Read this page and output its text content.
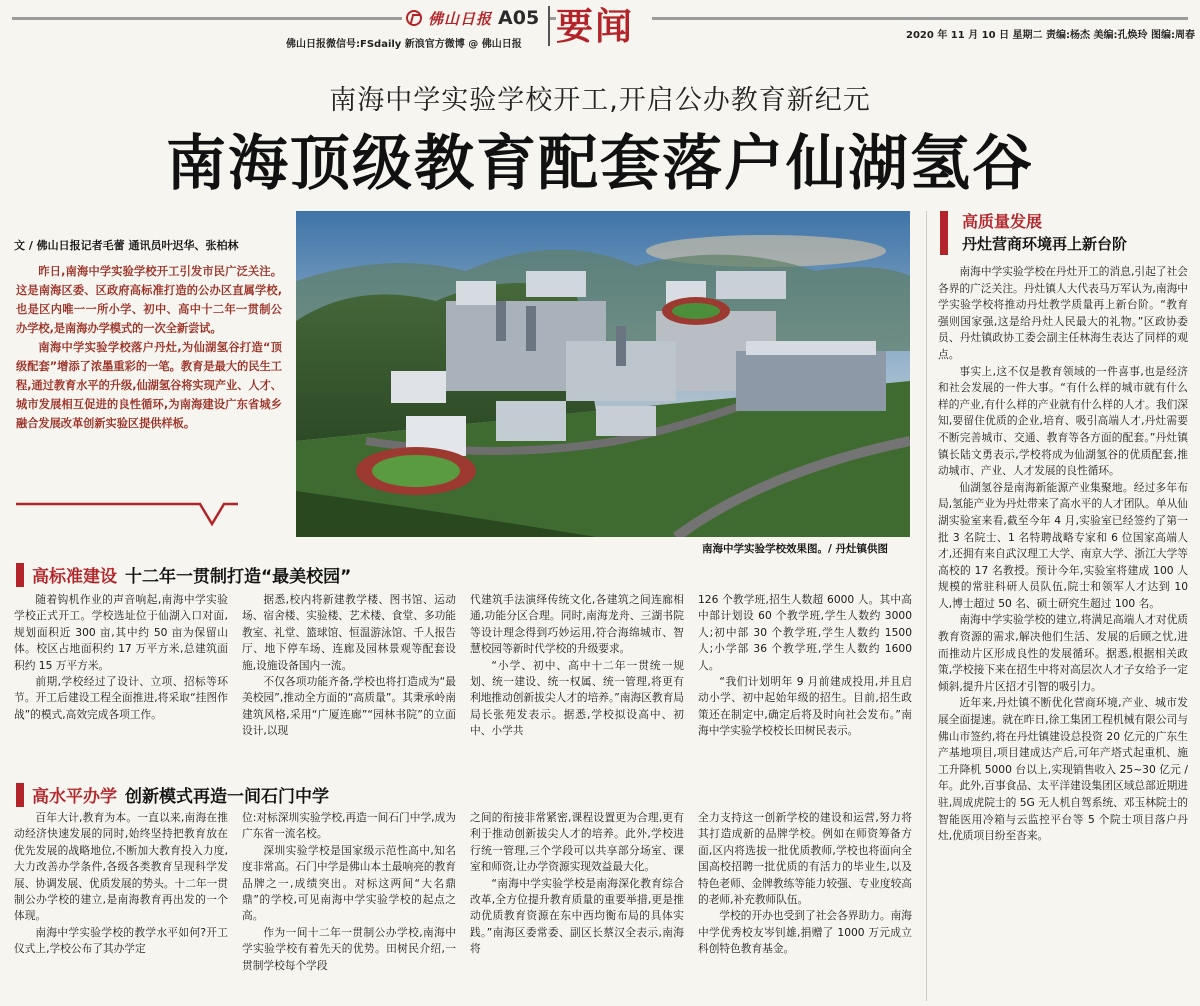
佛山日报 A05 要闻
佛山日报微信号:FSdaily 新浪官方微博 @ 佛山日报
2020 年 11 月 10 日 星期二 责编:杨杰 美编:孔焕玲 图编:周春
南海中学实验学校开工,开启公办教育新纪元
南海顶级教育配套落户仙湖氢谷
文 / 佛山日报记者毛蕾 通讯员叶迟华、张柏林

昨日,南海中学实验学校开工引发市民广泛关注。这是南海区委、区政府高标准打造的公办区直属学校,也是区内唯一一所小学、初中、高中十二年一贯制公办学校,是南海办学模式的一次全新尝试。

南海中学实验学校落户丹灶,为仙湖氢谷打造“顶级配套”增添了浓墨重彩的一笔。教育是最大的民生工程,通过教育水平的升级,仙湖氢谷将实现产业、人才、城市发展相互促进的良性循环,为南海建设广东省城乡融合发展改革创新实验区提供样板。

南海中学实验学校效果图。/ 丹灶镇供图
高标准建设 十二年一贯制打造“最美校园”

随着钩机作业的声音响起,南海中学实验学校正式开工。学校选址位于仙湖入口对面,规划面积近 300 亩,其中约 50 亩为保留山体。校区占地面积约 17 万平方米,总建筑面积约 15 万平方米。

前期,学校经过了设计、立项、招标等环节。开工后建设工程全面推进,将采取“挂图作战”的模式,高效完成各项工作。

据悉,校内将新建教学楼、图书馆、运动场、宿舍楼、实验楼、艺术楼、食堂、多功能教室、礼堂、篮球馆、恒温游泳馆、千人报告厅、地下停车场、连廊及园林景观等配套设施,设施设备国内一流。

不仅各项功能齐备,学校也将打造成为“最美校园”,推动全方面的“高质量”。其秉承岭南建筑风格,采用“广厦连廊”“园林书院”的立面设计,以现

代建筑手法演绎传统文化,各建筑之间连廊相通,功能分区合理。同时,南海龙舟、三湖书院等设计理念得到巧妙运用,符合海绵城市、智慧校园等新时代学校的升级要求。

“小学、初中、高中十二年一贯统一规划、统一建设、统一权属、统一管理,将更有利地推动创新拔尖人才的培养。”南海区教育局局长张苑发表示。据悉,学校拟设高中、初中、小学共

126 个教学班,招生人数超 6000 人。其中高中部计划设 60 个教学班,学生人数约 3000 人;初中部 30 个教学班,学生人数约 1500 人;小学部 36 个教学班,学生人数约 1600 人。

“我们计划明年 9 月前建成投用,并且启动小学、初中起始年级的招生。目前,招生政策还在制定中,确定后将及时向社会发布。”南海中学实验学校校长田树民表示。

高水平办学 创新模式再造一间石门中学

百年大计,教育为本。一直以来,南海在推动经济快速发展的同时,始终坚持把教育放在优先发展的战略地位,不断加大教育投入力度,大力改善办学条件,各级各类教育呈现科学发展、协调发展、优质发展的势头。十二年一贯制公办学校的建立,是南海教育再出发的一个体现。

南海中学实验学校的教学水平如何?开工仪式上,学校公布了其办学定

位:对标深圳实验学校,再造一间石门中学,成为广东省一流名校。

深圳实验学校是国家级示范性高中,知名度非常高。石门中学是佛山本土最响亮的教育品牌之一,成绩突出。对标这两间“大名鼎鼎”的学校,可见南海中学实验学校的起点之高。

作为一间十二年一贯制公办学校,南海中学实验学校有着先天的优势。田树民介绍,一贯制学校每个学段

之间的衔接非常紧密,课程设置更为合理,更有利于推动创新拔尖人才的培养。此外,学校进行统一管理,三个学段可以共享部分场室、课室和师资,让办学资源实现效益最大化。

“南海中学实验学校是南海深化教育综合改革,全方位提升教育质量的重要举措,更是推动优质教育资源在东中西均衡布局的具体实践。”南海区委常委、副区长蔡汉全表示,南海将

全力支持这一创新学校的建设和运营,努力将其打造成新的品牌学校。例如在师资筹备方面,区内将选拔一批优质教师,学校也将面向全国高校招聘一批优质的有活力的毕业生,以及特色老师、金牌教练等能力较强、专业度较高的老师,补充教师队伍。

学校的开办也受到了社会各界助力。南海中学优秀校友岑钊雄,捐赠了 1000 万元成立科创特色教育基金。

高质量发展
丹灶营商环境再上新台阶

南海中学实验学校在丹灶开工的消息,引起了社会各界的广泛关注。丹灶镇人大代表马万军认为,南海中学实验学校将推动丹灶教学质量再上新台阶。“教育强则国家强,这是给丹灶人民最大的礼物。”区政协委员、丹灶镇政协工委会副主任林海生表达了同样的观点。

事实上,这不仅是教育领域的一件喜事,也是经济和社会发展的一件大事。“有什么样的城市就有什么样的产业,有什么样的产业就有什么样的人才。我们深知,要留住优质的企业,培育、吸引高端人才,丹灶需要不断完善城市、交通、教育等各方面的配套。”丹灶镇镇长陆文勇表示,学校将成为仙湖氢谷的优质配套,推动城市、产业、人才发展的良性循环。

仙湖氢谷是南海新能源产业集聚地。经过多年布局,氢能产业为丹灶带来了高水平的人才团队。单从仙湖实验室来看,截至今年 4 月,实验室已经签约了第一批 3 名院士、1 名特聘战略专家和 6 位国家高端人才,还拥有来自武汉理工大学、南京大学、浙江大学等高校的 17 名教授。预计今年,实验室将建成 100 人规模的常驻科研人员队伍,院士和领军人才达到 10 人,博士超过 50 名、硕士研究生超过 100 名。

南海中学实验学校的建立,将满足高端人才对优质教育资源的需求,解决他们生活、发展的后顾之忧,进而推动片区形成良性的发展循环。据悉,根据相关政策,学校接下来在招生中将对高层次人才子女给予一定倾斜,提升片区招才引智的吸引力。

近年来,丹灶镇不断优化营商环境,产业、城市发展全面提速。就在昨日,徐工集团工程机械有限公司与佛山市签约,将在丹灶镇建设总投资 20 亿元的广东生产基地项目,项目建成达产后,可年产塔式起重机、施工升降机 5000 台以上,实现销售收入 25~30 亿元 / 年。此外,百事食品、太平洋建设集团区域总部近期进驻,周成虎院士的 5G 无人机自驾系统、邓玉林院士的智能医用冷箱与云监控平台等 5 个院士项目落户丹灶,优质项目纷至沓来。
